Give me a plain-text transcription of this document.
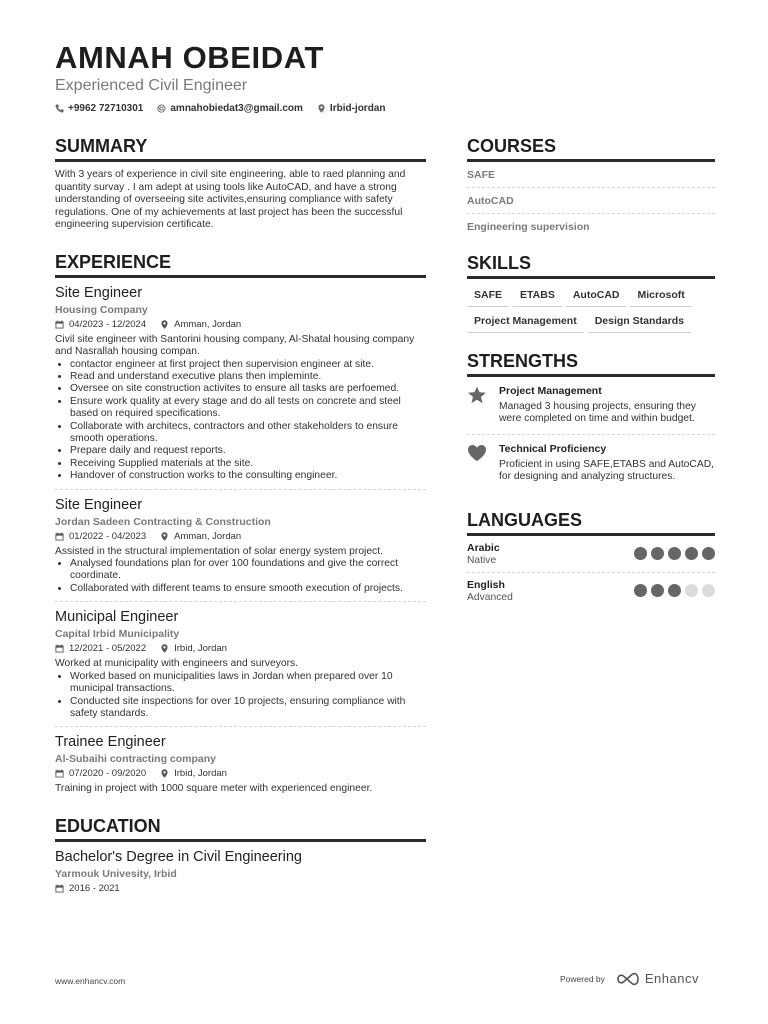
AMNAH OBEIDAT
Experienced Civil Engineer
+9962 72710301	amnahobiedat3@gmail.com	Irbid-jordan
SUMMARY
With 3 years of experience in civil site engineering, able to raed planning and quantity survay . I am adept at using tools like AutoCAD, and have a strong understanding of overseeing site activites,ensuring compliance with safety regulations. One of my achievements at last project has been the successful engineering supervision certificate.
EXPERIENCE
Site Engineer
Housing Company
04/2023 - 12/2024	Amman, Jordan
Civil site engineer with Santorini housing company, Al-Shatal housing company and Nasrallah housing compan.
• contactor engineer at first project then supervision engineer at site.
• Read and understand executive plans then impleminte.
• Oversee on site construction activites to ensure all tasks are perfoemed.
• Ensure work quality at every stage and do all tests on concrete and steel based on required specifications.
• Collaborate with architecs, contractors and other stakeholders to ensure smooth operations.
• Prepare daily and request reports.
• Receiving Supplied materials at the site.
• Handover of construction works to the consulting engineer.
Site Engineer
Jordan Sadeen Contracting & Construction
01/2022 - 04/2023	Amman, Jordan
Assisted in the structural implementation of solar energy system project.
• Analysed foundations plan for over 100 foundations and give the correct coordinate.
• Collaborated with different teams to ensure smooth execution of projects.
Municipal Engineer
Capital Irbid Municipality
12/2021 - 05/2022	Irbid, Jordan
Worked at municipality with engineers and surveyors.
• Worked based on municipalities laws in Jordan when prepared over 10 municipal transactions.
• Conducted site inspections for over 10 projects, ensuring compliance with safety standards.
Trainee Engineer
Al-Subaihi contracting company
07/2020 - 09/2020	Irbid, Jordan
Training in project with 1000 square meter with experienced engineer.
EDUCATION
Bachelor's Degree in Civil Engineering
Yarmouk Univesity, Irbid
2016 - 2021
COURSES
SAFE
AutoCAD
Engineering supervision
SKILLS
SAFE	ETABS	AutoCAD	Microsoft
Project Management	Design Standards
STRENGTHS
Project Management
Managed 3 housing projects, ensuring they were completed on time and within budget.
Technical Proficiency
Proficient in using SAFE,ETABS and AutoCAD, for designing and analyzing structures.
LANGUAGES
Arabic
Native
English
Advanced
www.enhancv.com	Powered by	Enhancv
